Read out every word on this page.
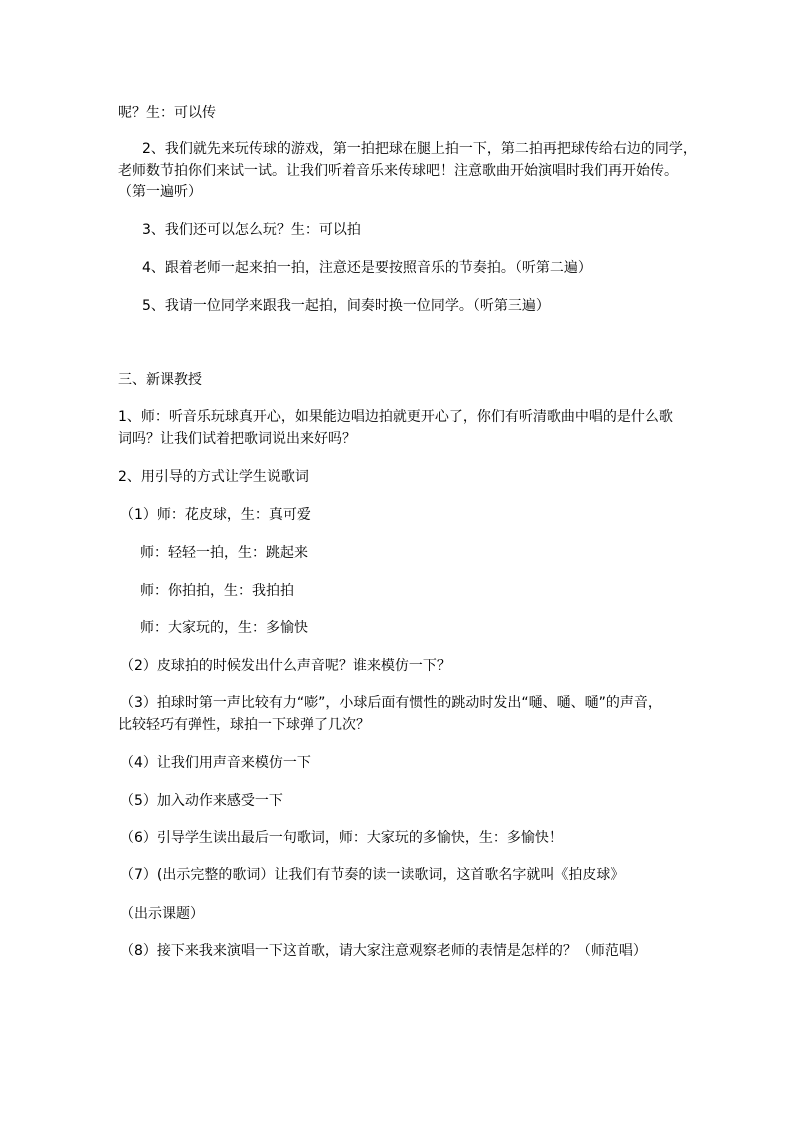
呢？生：可以传
2、我们就先来玩传球的游戏，第一拍把球在腿上拍一下，第二拍再把球传给右边的同学，
老师数节拍你们来试一试。让我们听着音乐来传球吧！注意歌曲开始演唱时我们再开始传。
（第一遍听）
3、我们还可以怎么玩？生：可以拍
4、跟着老师一起来拍一拍，注意还是要按照音乐的节奏拍。（听第二遍）
5、我请一位同学来跟我一起拍，间奏时换一位同学。（听第三遍）
三、新课教授
1、师：听音乐玩球真开心，如果能边唱边拍就更开心了，你们有听清歌曲中唱的是什么歌
词吗？让我们试着把歌词说出来好吗？
2、用引导的方式让学生说歌词
（1）师：花皮球，生：真可爱
师：轻轻一拍，生：跳起来
师：你拍拍，生：我拍拍
师：大家玩的，生：多愉快
（2）皮球拍的时候发出什么声音呢？谁来模仿一下？
（3）拍球时第一声比较有力“嘭”，小球后面有惯性的跳动时发出“嗵、嗵、嗵”的声音，
比较轻巧有弹性，球拍一下球弹了几次？
（4）让我们用声音来模仿一下
（5）加入动作来感受一下
（6）引导学生读出最后一句歌词，师：大家玩的多愉快，生：多愉快！
（7）(出示完整的歌词）让我们有节奏的读一读歌词，这首歌名字就叫《拍皮球》
（出示课题）
（8）接下来我来演唱一下这首歌，请大家注意观察老师的表情是怎样的？（师范唱）
